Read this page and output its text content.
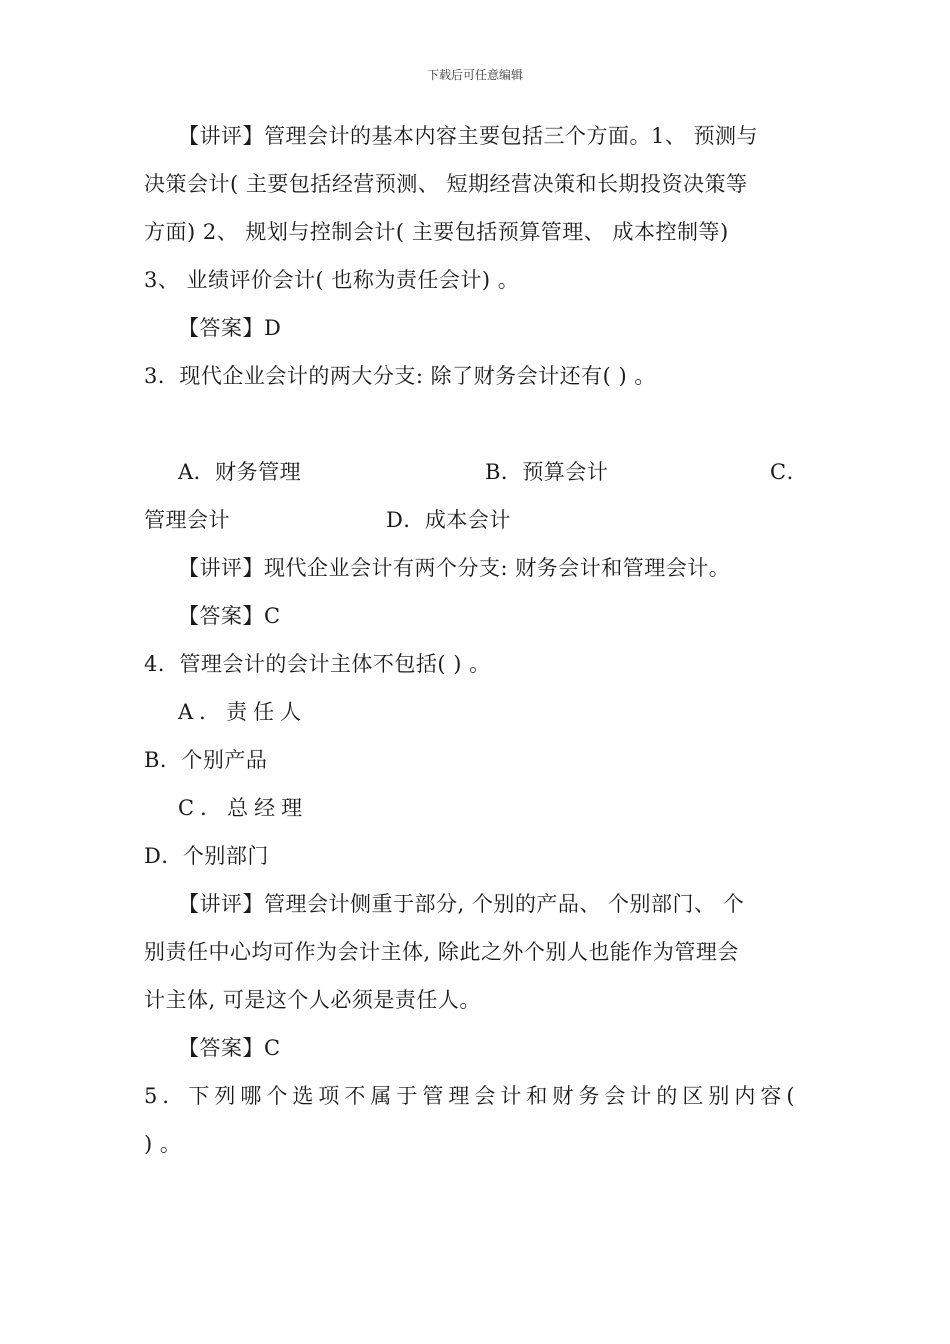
下载后可任意编辑
【讲评】管理会计的基本内容主要包括三个方面。1、 预测与
决策会计( 主要包括经营预测、 短期经营决策和长期投资决策等
方面) 2、 规划与控制会计( 主要包括预算管理、 成本控制等)
3、 业绩评价会计( 也称为责任会计) 。
【答案】D
3．现代企业会计的两大分支: 除了财务会计还有( ) 。
A．财务管理	B．预算会计	C．
管理会计	D．成本会计
【讲评】现代企业会计有两个分支: 财务会计和管理会计。
【答案】C
4．管理会计的会计主体不包括( ) 。
A．责任人
B．个别产品
C．总经理
D．个别部门
【讲评】管理会计侧重于部分, 个别的产品、 个别部门、 个
别责任中心均可作为会计主体, 除此之外个别人也能作为管理会
计主体, 可是这个人必须是责任人。
【答案】C
5．下列哪个选项不属于管理会计和财务会计的区别内容(
) 。
